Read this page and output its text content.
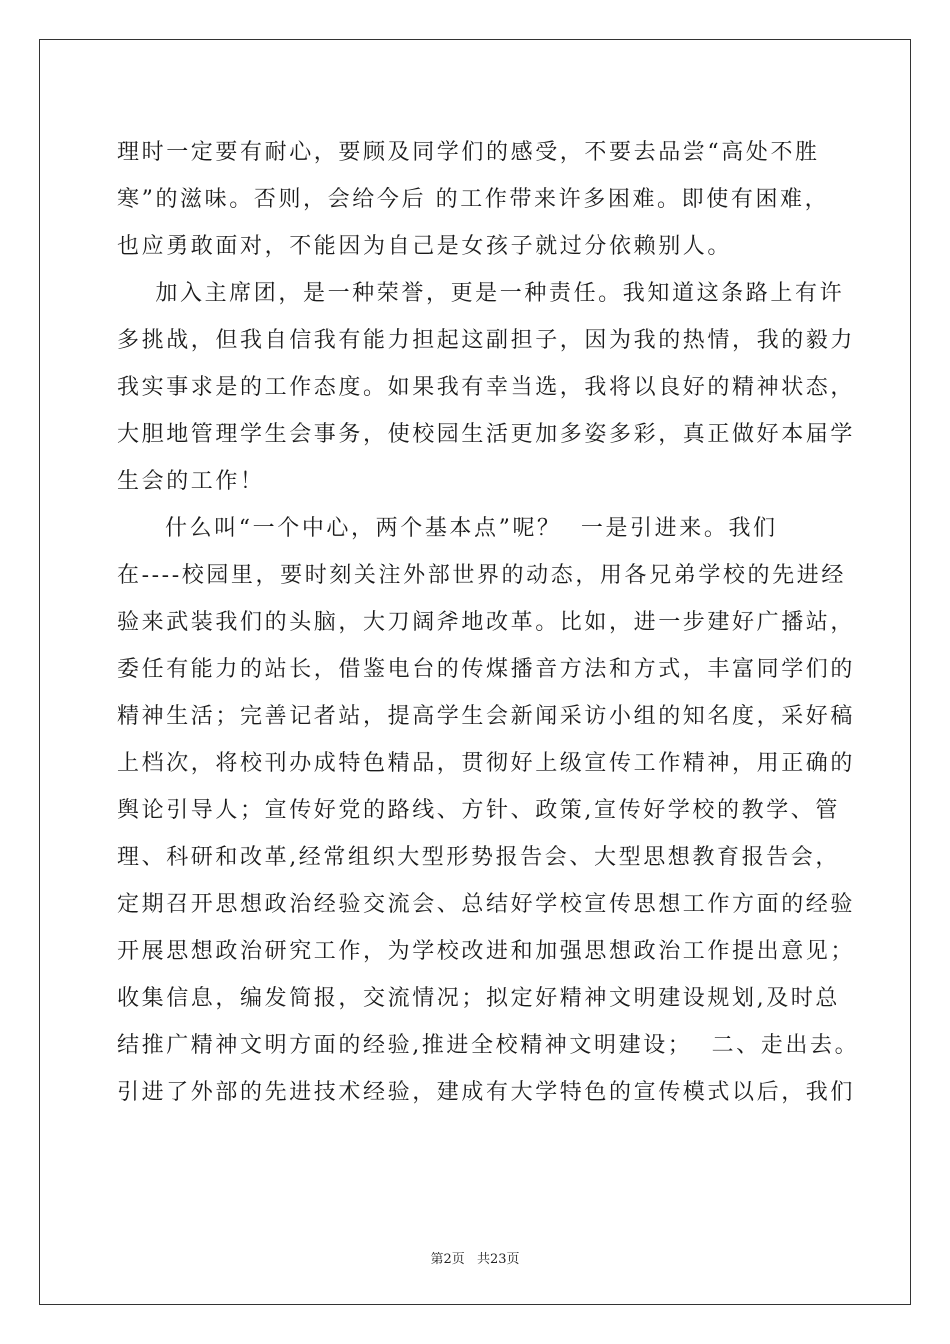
理时一定要有耐心，要顾及同学们的感受，不要去品尝“高处不胜
寒”的滋味。否则，会给今后 的工作带来许多困难。即使有困难，
也应勇敢面对，不能因为自己是女孩子就过分依赖别人。
加入主席团，是一种荣誉，更是一种责任。我知道这条路上有许
多挑战，但我自信我有能力担起这副担子，因为我的热情，我的毅力
我实事求是的工作态度。如果我有幸当选，我将以良好的精神状态，
大胆地管理学生会事务，使校园生活更加多姿多彩，真正做好本届学
生会的工作！
什么叫“一个中心，两个基本点”呢？  一是引进来。我们
在----校园里，要时刻关注外部世界的动态，用各兄弟学校的先进经
验来武装我们的头脑，大刀阔斧地改革。比如，进一步建好广播站，
委任有能力的站长，借鉴电台的传煤播音方法和方式，丰富同学们的
精神生活；完善记者站，提高学生会新闻采访小组的知名度，采好稿
上档次，将校刊办成特色精品，贯彻好上级宣传工作精神，用正确的
舆论引导人；宣传好党的路线、方针、政策,宣传好学校的教学、管
理、科研和改革,经常组织大型形势报告会、大型思想教育报告会，
定期召开思想政治经验交流会、总结好学校宣传思想工作方面的经验
开展思想政治研究工作，为学校改进和加强思想政治工作提出意见；
收集信息，编发简报，交流情况；拟定好精神文明建设规划,及时总
结推广精神文明方面的经验,推进全校精神文明建设；  二、走出去。
引进了外部的先进技术经验，建成有大学特色的宣传模式以后，我们
第2页 共23页
